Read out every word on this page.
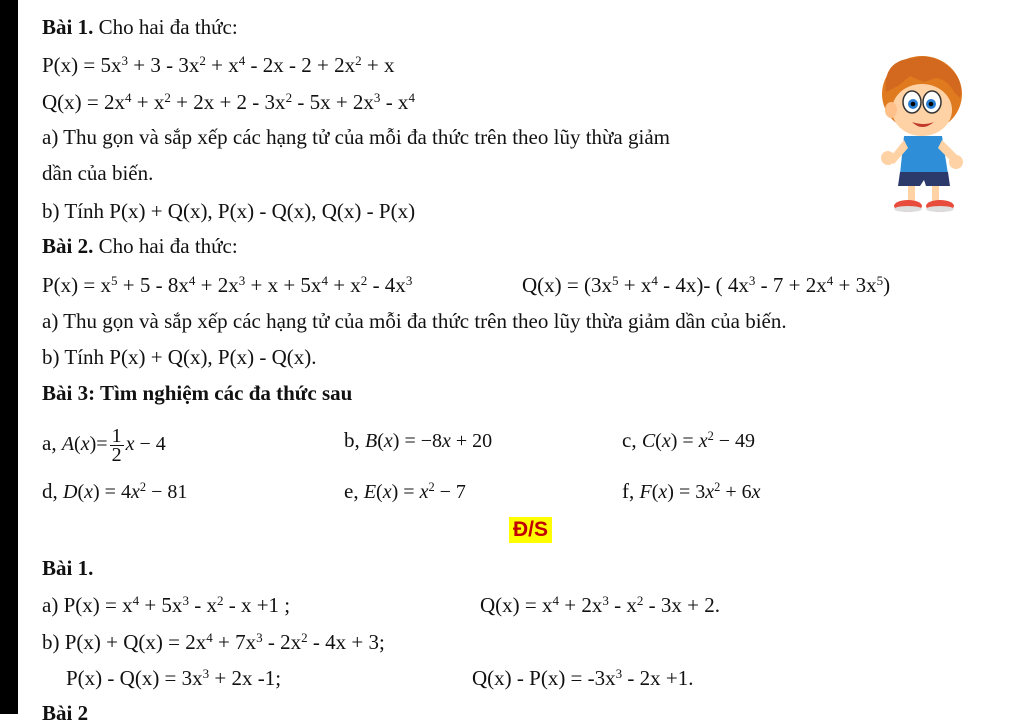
Bài 1. Cho hai đa thức:
$P(x) = 5x^3 + 3 - 3x^2 + x^4 - 2x - 2 + 2x^2 + x$
$Q(x) = 2x^4 + x^2 + 2x + 2 - 3x^2 - 5x + 2x^3 - x^4$
a) Thu gọn và sắp xếp các hạng tử của mỗi đa thức trên theo lũy thừa giảm
dần của biến.
b) Tính P(x) + Q(x), P(x) - Q(x), Q(x) - P(x)
Bài 2. Cho hai đa thức:
$P(x) = x^5 + 5 - 8x^4 + 2x^3 + x + 5x^4 + x^2 - 4x^3$	$Q(x) = (3x^5 + x^4 - 4x)-$ ( $4x^3 - 7 + 2x^4 + 3x^5$)
a) Thu gọn và sắp xếp các hạng tử của mỗi đa thức trên theo lũy thừa giảm dần của biến.
b) Tính P(x) + Q(x), P(x) - Q(x).
Bài 3: Tìm nghiệm các đa thức sau
a, $A(x)= \frac{1}{2}$ x − 4	b, B(x) = −8x + 20	c, $C(x) = x^2 - 49$
d, $D(x) = 4x^2 - 81$	e, $E(x) = x^2 - 7$	f, $F(x) = 3x^2 + 6x$
Đ/S
Bài 1.
a) $P(x) = x^4 + 5x^3 - x^2 - x +1$ ;	$Q(x) = x^4 + 2x^3 - x^2 - 3x + 2$.
b) $P(x) + Q(x) = 2x^4 + 7x^3 - 2x^2 - 4x + 3$;
$P(x) - Q(x) = 3x^3 + 2x$ -1;	$Q(x) - P(x) = -3x^3 - 2x +1$.
Bài 2
